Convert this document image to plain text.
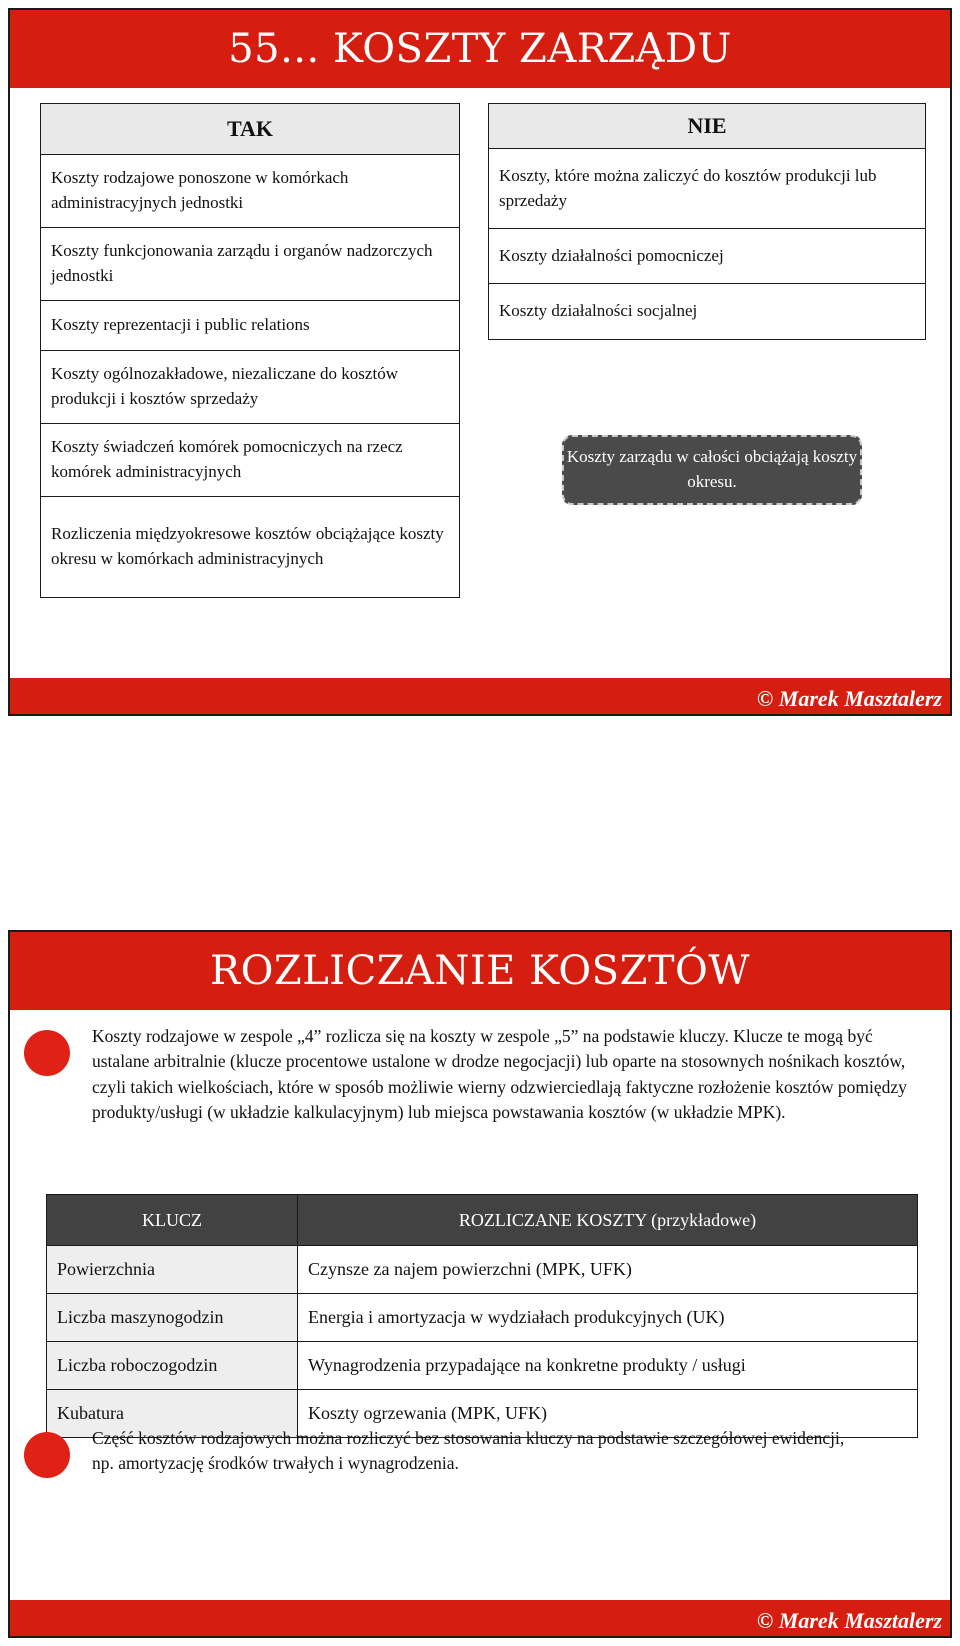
55... KOSZTY ZARZĄDU
TAK
Koszty rodzajowe ponoszone w komórkach administracyjnych jednostki
Koszty funkcjonowania zarządu i organów nadzorczych jednostki
Koszty reprezentacji i public relations
Koszty ogólnozakładowe, niezaliczane do kosztów produkcji i kosztów sprzedaży
Koszty świadczeń komórek pomocniczych na rzecz komórek administracyjnych
Rozliczenia międzyokresowe kosztów obciążające koszty okresu w komórkach administracyjnych
NIE
Koszty, które można zaliczyć do kosztów produkcji lub sprzedaży
Koszty działalności pomocniczej
Koszty działalności socjalnej
Koszty zarządu w całości obciążają koszty okresu.
© Marek Masztalerz
ROZLICZANIE KOSZTÓW
Koszty rodzajowe w zespole „4” rozlicza się na koszty w zespole „5” na podstawie kluczy. Klucze te mogą być ustalane arbitralnie (klucze procentowe ustalone w drodze negocjacji) lub oparte na stosownych nośnikach kosztów, czyli takich wielkościach, które w sposób możliwie wierny odzwierciedlają faktyczne rozłożenie kosztów pomiędzy produkty/usługi (w układzie kalkulacyjnym) lub miejsca powstawania kosztów (w układzie MPK).
KLUCZ	ROZLICZANE KOSZTY (przykładowe)
Powierzchnia	Czynsze za najem powierzchni (MPK, UFK)
Liczba maszynogodzin	Energia i amortyzacja w wydziałach produkcyjnych (UK)
Liczba roboczogodzin	Wynagrodzenia przypadające na konkretne produkty / usługi
Kubatura	Koszty ogrzewania (MPK, UFK)
Część kosztów rodzajowych można rozliczyć bez stosowania kluczy na podstawie szczegółowej ewidencji, np. amortyzację środków trwałych i wynagrodzenia.
© Marek Masztalerz
